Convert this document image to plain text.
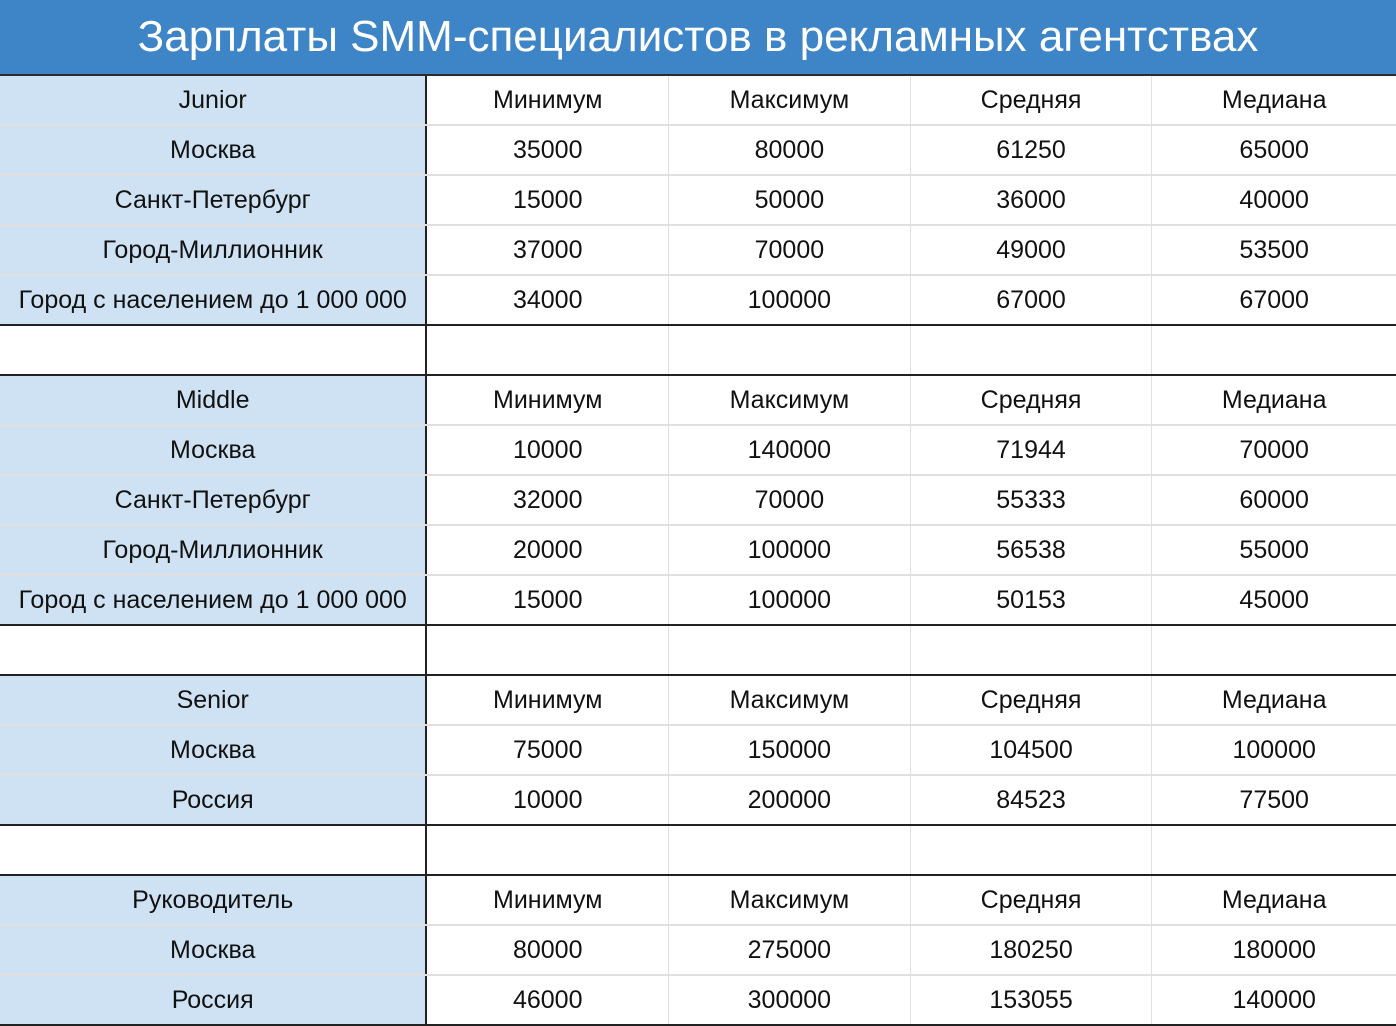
Зарплаты SMM-специалистов в рекламных агентствах
Junior	Минимум	Максимум	Средняя	Медиана
Москва	35000	80000	61250	65000
Санкт-Петербург	15000	50000	36000	40000
Город-Миллионник	37000	70000	49000	53500
Город с населением до 1 000 000	34000	100000	67000	67000
Middle	Минимум	Максимум	Средняя	Медиана
Москва	10000	140000	71944	70000
Санкт-Петербург	32000	70000	55333	60000
Город-Миллионник	20000	100000	56538	55000
Город с населением до 1 000 000	15000	100000	50153	45000
Senior	Минимум	Максимум	Средняя	Медиана
Москва	75000	150000	104500	100000
Россия	10000	200000	84523	77500
Руководитель	Минимум	Максимум	Средняя	Медиана
Москва	80000	275000	180250	180000
Россия	46000	300000	153055	140000
